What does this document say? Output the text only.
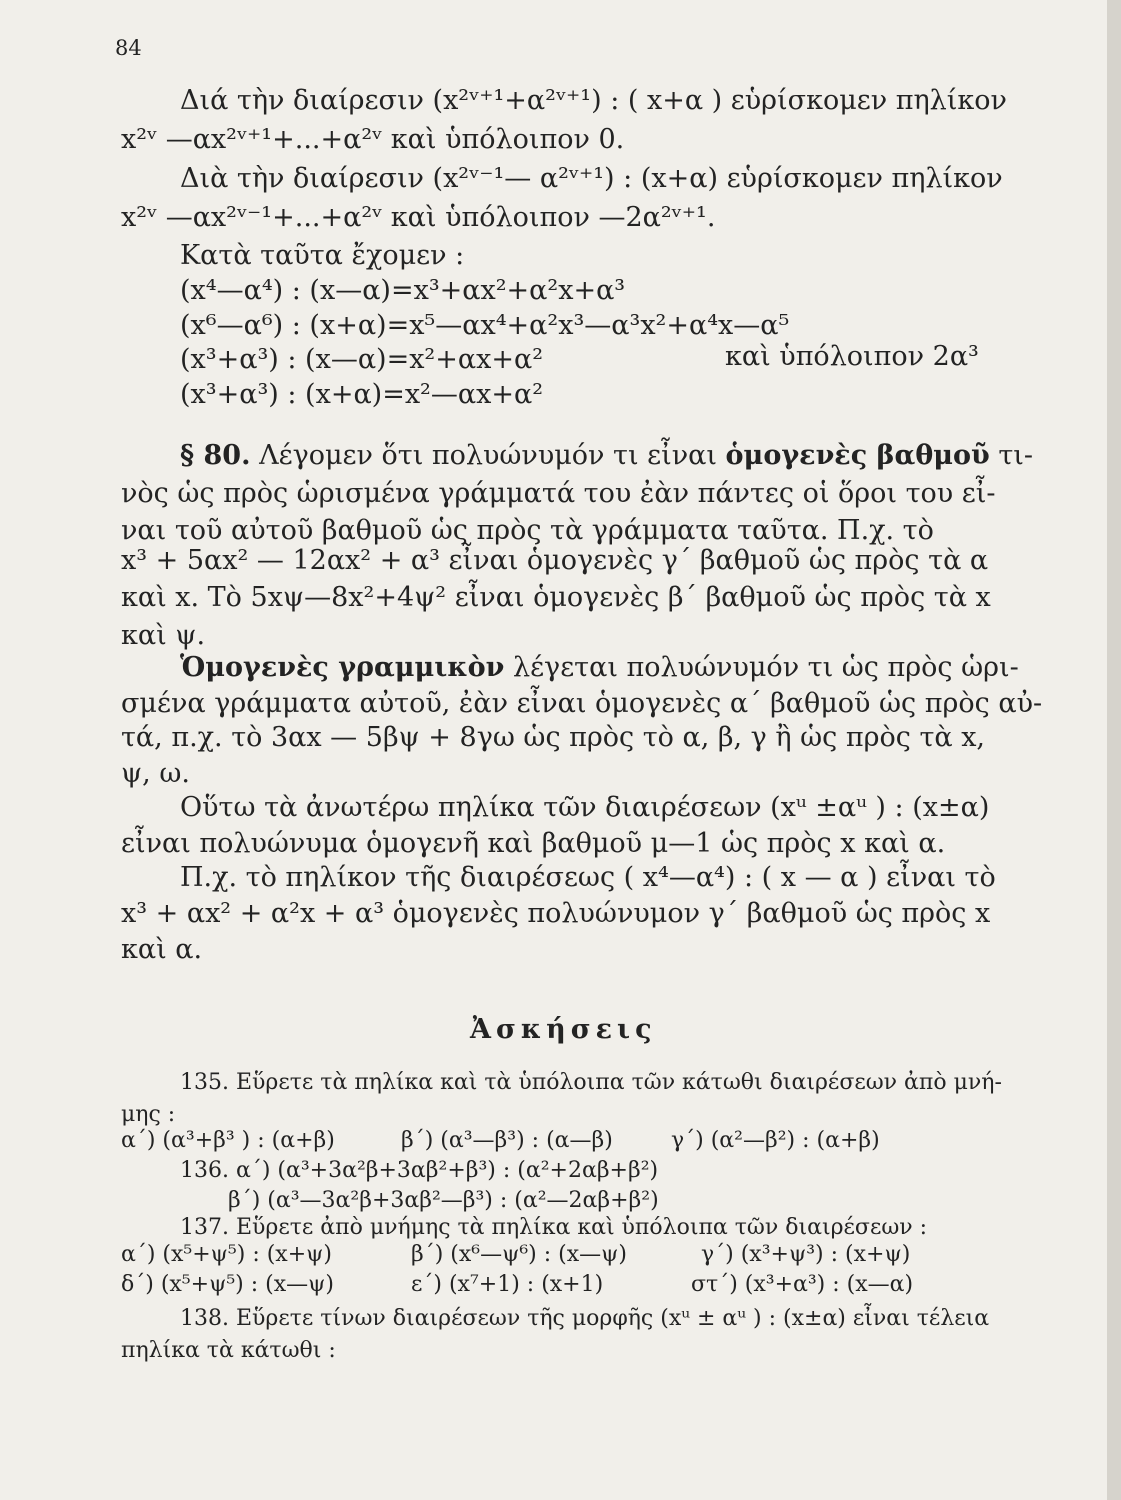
84
Διά τὴν διαίρεσιν (x²ᵛ⁺¹+α²ᵛ⁺¹) : ( x+α ) εὑρίσκομεν πηλίκον
x²ᵛ —αx²ᵛ⁺¹+...+α²ᵛ καὶ ὑπόλοιπον 0.
Διὰ τὴν διαίρεσιν (x²ᵛ⁻¹— α²ᵛ⁺¹) : (x+α) εὑρίσκομεν πηλίκον
x²ᵛ —αx²ᵛ⁻¹+...+α²ᵛ καὶ ὑπόλοιπον —2α²ᵛ⁺¹.
Κατὰ ταῦτα ἔχομεν :
(x⁴—α⁴) : (x—α)=x³+αx²+α²x+α³
(x⁶—α⁶) : (x+α)=x⁵—αx⁴+α²x³—α³x²+α⁴x—α⁵
(x³+α³) : (x—α)=x²+αx+α²	καὶ ὑπόλοιπον 2α³
(x³+α³) : (x+α)=x²—αx+α²
§ 80. Λέγομεν ὅτι πολυώνυμόν τι εἶναι ὁμογενὲς βαθμοῦ τι-
νὸς ὡς πρὸς ὡρισμένα γράμματά του ἐὰν πάντες οἱ ὅροι του εἶ-
ναι τοῦ αὐτοῦ βαθμοῦ ὡς πρὸς τὰ γράμματα ταῦτα. Π.χ. τὸ
x³ + 5αx² — 12αx² + α³ εἶναι ὁμογενὲς γ΄ βαθμοῦ ὡς πρὸς τὰ α
καὶ x. Τὸ 5xψ—8x²+4ψ² εἶναι ὁμογενὲς β΄ βαθμοῦ ὡς πρὸς τὰ x
καὶ ψ.
Ὁμογενὲς γραμμικὸν λέγεται πολυώνυμόν τι ὡς πρὸς ὡρι-
σμένα γράμματα αὐτοῦ, ἐὰν εἶναι ὁμογενὲς α΄ βαθμοῦ ὡς πρὸς αὐ-
τά, π.χ. τὸ 3αx — 5βψ + 8γω ὡς πρὸς τὸ α, β, γ ἢ ὡς πρὸς τὰ x,
ψ, ω.
Οὕτω τὰ ἀνωτέρω πηλίκα τῶν διαιρέσεων (xᵘ ±αᵘ ) : (x±α)
εἶναι πολυώνυμα ὁμογενῆ καὶ βαθμοῦ μ—1 ὡς πρὸς x καὶ α.
Π.χ. τὸ πηλίκον τῆς διαιρέσεως ( x⁴—α⁴) : ( x — α ) εἶναι τὸ
x³ + αx² + α²x + α³ ὁμογενὲς πολυώνυμον γ΄ βαθμοῦ ὡς πρὸς x
καὶ α.
Ἀσκήσεις
135. Εὕρετε τὰ πηλίκα καὶ τὰ ὑπόλοιπα τῶν κάτωθι διαιρέσεων ἀπὸ μνή-
μης :
α΄) (α³+β³ ) : (α+β)	β΄) (α³—β³) : (α—β)	γ΄) (α²—β²) : (α+β)
136. α΄) (α³+3α²β+3αβ²+β³) : (α²+2αβ+β²)
β΄) (α³—3α²β+3αβ²—β³) : (α²—2αβ+β²)
137. Εὕρετε ἀπὸ μνήμης τὰ πηλίκα καὶ ὑπόλοιπα τῶν διαιρέσεων :
α΄) (x⁵+ψ⁵) : (x+ψ)	β΄) (x⁶—ψ⁶) : (x—ψ)	γ΄) (x³+ψ³) : (x+ψ)
δ΄) (x⁵+ψ⁵) : (x—ψ)	ε΄) (x⁷+1) : (x+1)	στ΄) (x³+α³) : (x—α)
138. Εὕρετε τίνων διαιρέσεων τῆς μορφῆς (xᵘ ± αᵘ ) : (x±α) εἶναι τέλεια
πηλίκα τὰ κάτωθι :
